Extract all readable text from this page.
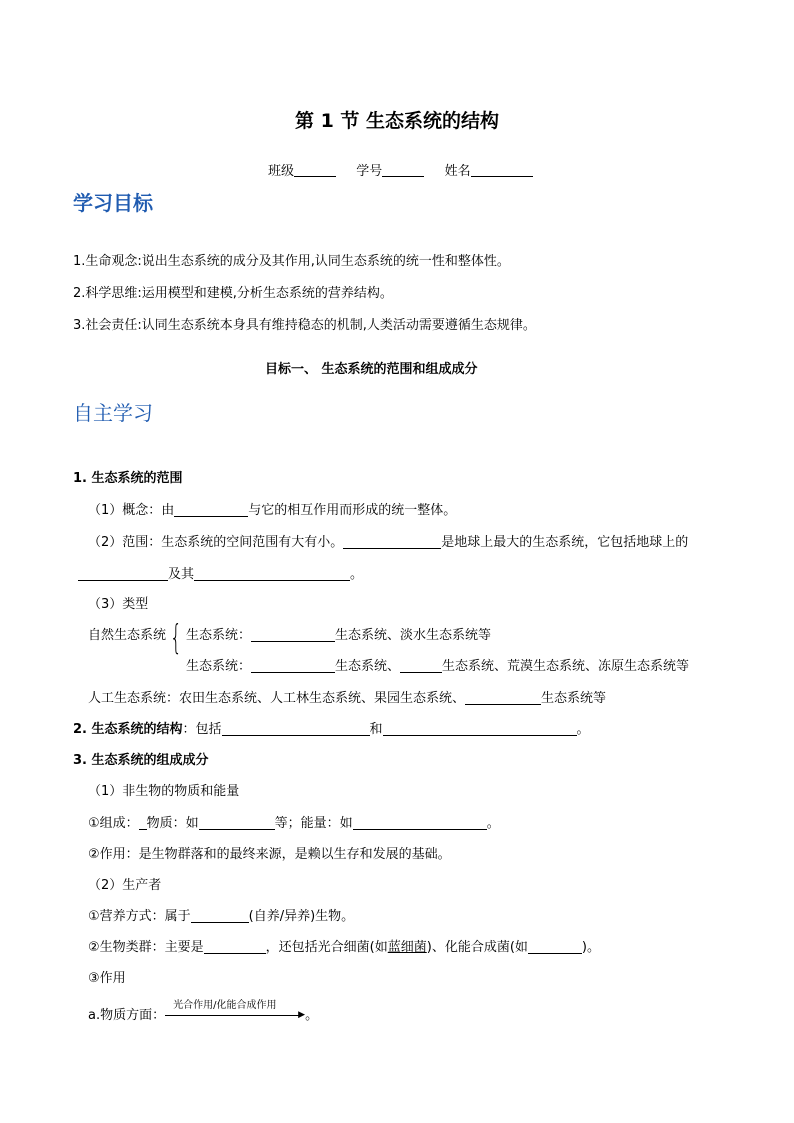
第 1 节 生态系统的结构
班级	学号	姓名
学习目标
1.生命观念:说出生态系统的成分及其作用,认同生态系统的统一性和整体性。
2.科学思维:运用模型和建模,分析生态系统的营养结构。
3.社会责任:认同生态系统本身具有维持稳态的机制,人类活动需要遵循生态规律。
目标一、 生态系统的范围和组成成分
自主学习
1. 生态系统的范围
（1）概念：由	与它的相互作用而形成的统一整体。
（2）范围：生态系统的空间范围有大有小。	是地球上最大的生态系统，它包括地球上的
及其	。
（3）类型
自然生态系统 { 生态系统：	生态系统、淡水生态系统等
生态系统：	生态系统、	生态系统、荒漠生态系统、冻原生态系统等
人工生态系统：农田生态系统、人工林生态系统、果园生态系统、	生态系统等
2. 生态系统的结构：包括	和	。
3. 生态系统的组成成分
（1）非生物的物质和能量
①组成： 物质：如	等；能量：如	。
②作用：是生物群落和的最终来源，是赖以生存和发展的基础。
（2）生产者
①营养方式：属于	(自养/异养)生物。
②生物类群：主要是	，还包括光合细菌(如蓝细菌)、化能合成菌(如	)。
③作用
a.物质方面：
光合作用/化能合成作用
▶ 。
